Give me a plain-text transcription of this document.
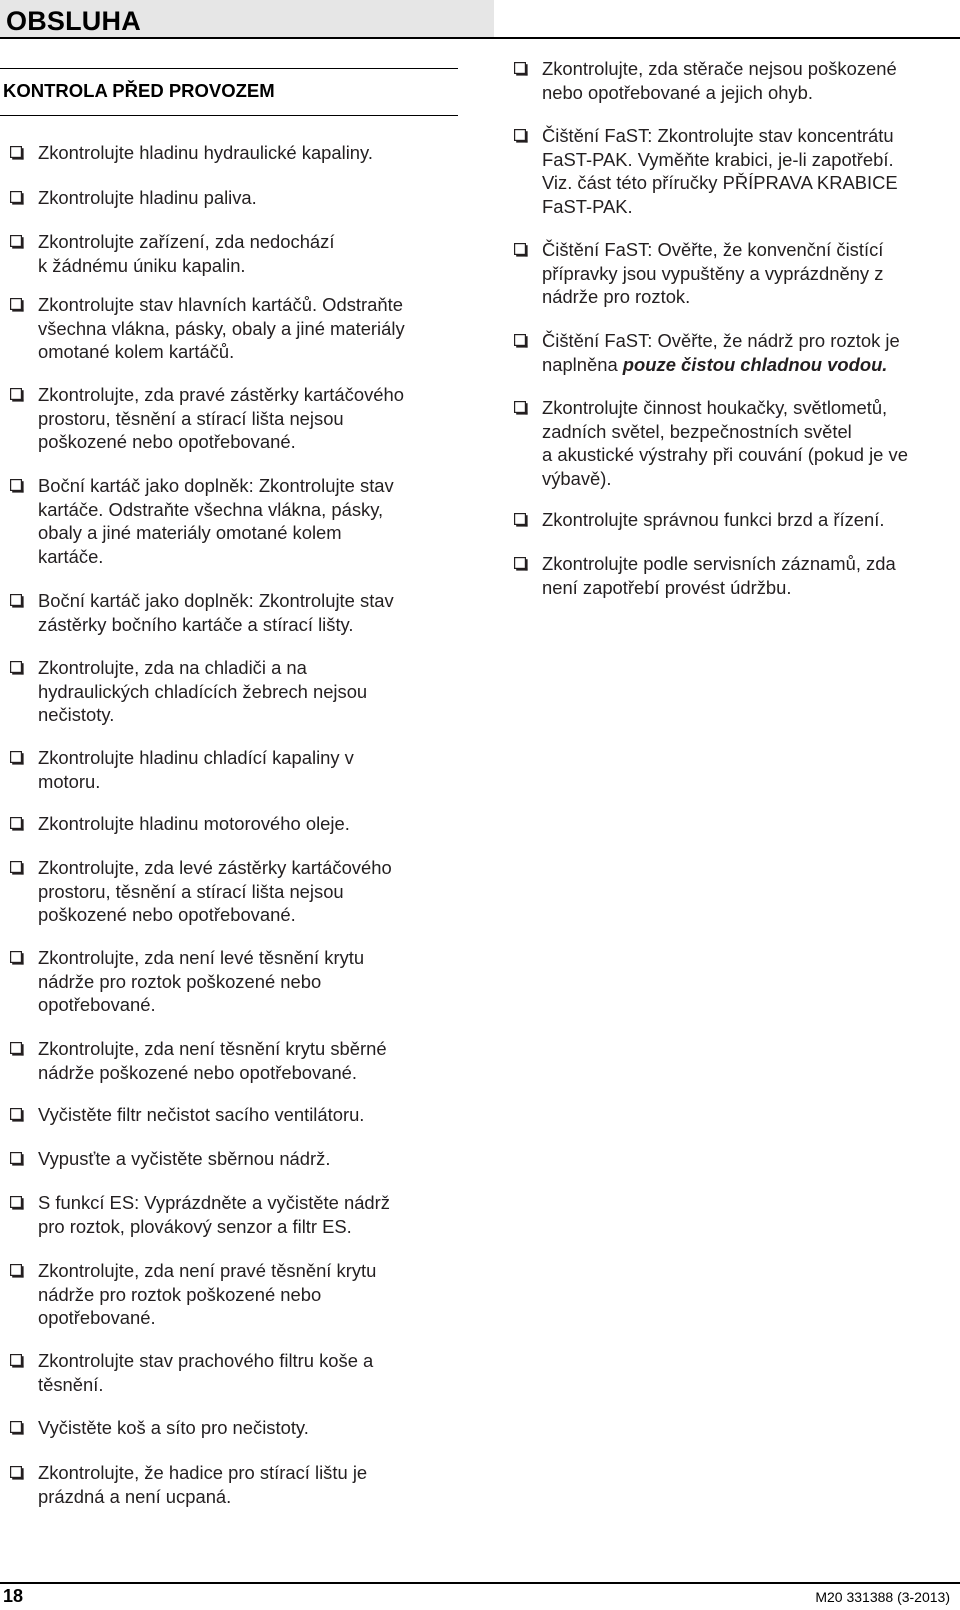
OBSLUHA
KONTROLA PŘED PROVOZEM
Zkontrolujte hladinu hydraulické kapaliny.
Zkontrolujte hladinu paliva.
Zkontrolujte zařízení, zda nedochází
k žádnému úniku kapalin.
Zkontrolujte stav hlavních kartáčů. Odstraňte
všechna vlákna, pásky, obaly a jiné materiály
omotané kolem kartáčů.
Zkontrolujte, zda pravé zástěrky kartáčového
prostoru, těsnění a stírací lišta nejsou
poškozené nebo opotřebované.
Boční kartáč jako doplněk: Zkontrolujte stav
kartáče. Odstraňte všechna vlákna, pásky,
obaly a jiné materiály omotané kolem
kartáče.
Boční kartáč jako doplněk: Zkontrolujte stav
zástěrky bočního kartáče a stírací lišty.
Zkontrolujte, zda na chladiči a na
hydraulických chladících žebrech nejsou
nečistoty.
Zkontrolujte hladinu chladící kapaliny v
motoru.
Zkontrolujte hladinu motorového oleje.
Zkontrolujte, zda levé zástěrky kartáčového
prostoru, těsnění a stírací lišta nejsou
poškozené nebo opotřebované.
Zkontrolujte, zda není levé těsnění krytu
nádrže pro roztok poškozené nebo
opotřebované.
Zkontrolujte, zda není těsnění krytu sběrné
nádrže poškozené nebo opotřebované.
Vyčistěte filtr nečistot sacího ventilátoru.
Vypusťte a vyčistěte sběrnou nádrž.
S funkcí ES: Vyprázdněte a vyčistěte nádrž
pro roztok, plovákový senzor a filtr ES.
Zkontrolujte, zda není pravé těsnění krytu
nádrže pro roztok poškozené nebo
opotřebované.
Zkontrolujte stav prachového filtru koše a
těsnění.
Vyčistěte koš a síto pro nečistoty.
Zkontrolujte, že hadice pro stírací lištu je
prázdná a není ucpaná.
Zkontrolujte, zda stěrače nejsou poškozené
nebo opotřebované a jejich ohyb.
Čištění FaST: Zkontrolujte stav koncentrátu
FaST-PAK. Vyměňte krabici, je-li zapotřebí.
Viz. část této příručky PŘÍPRAVA KRABICE
FaST-PAK.
Čištění FaST: Ověřte, že konvenční čistící
přípravky jsou vypuštěny a vyprázdněny z
nádrže pro roztok.
Čištění FaST: Ověřte, že nádrž pro roztok je
naplněna pouze čistou chladnou vodou.
Zkontrolujte činnost houkačky, světlometů,
zadních světel, bezpečnostních světel
a akustické výstrahy při couvání (pokud je ve
výbavě).
Zkontrolujte správnou funkci brzd a řízení.
Zkontrolujte podle servisních záznamů, zda
není zapotřebí provést údržbu.
18	M20 331388 (3-2013)
